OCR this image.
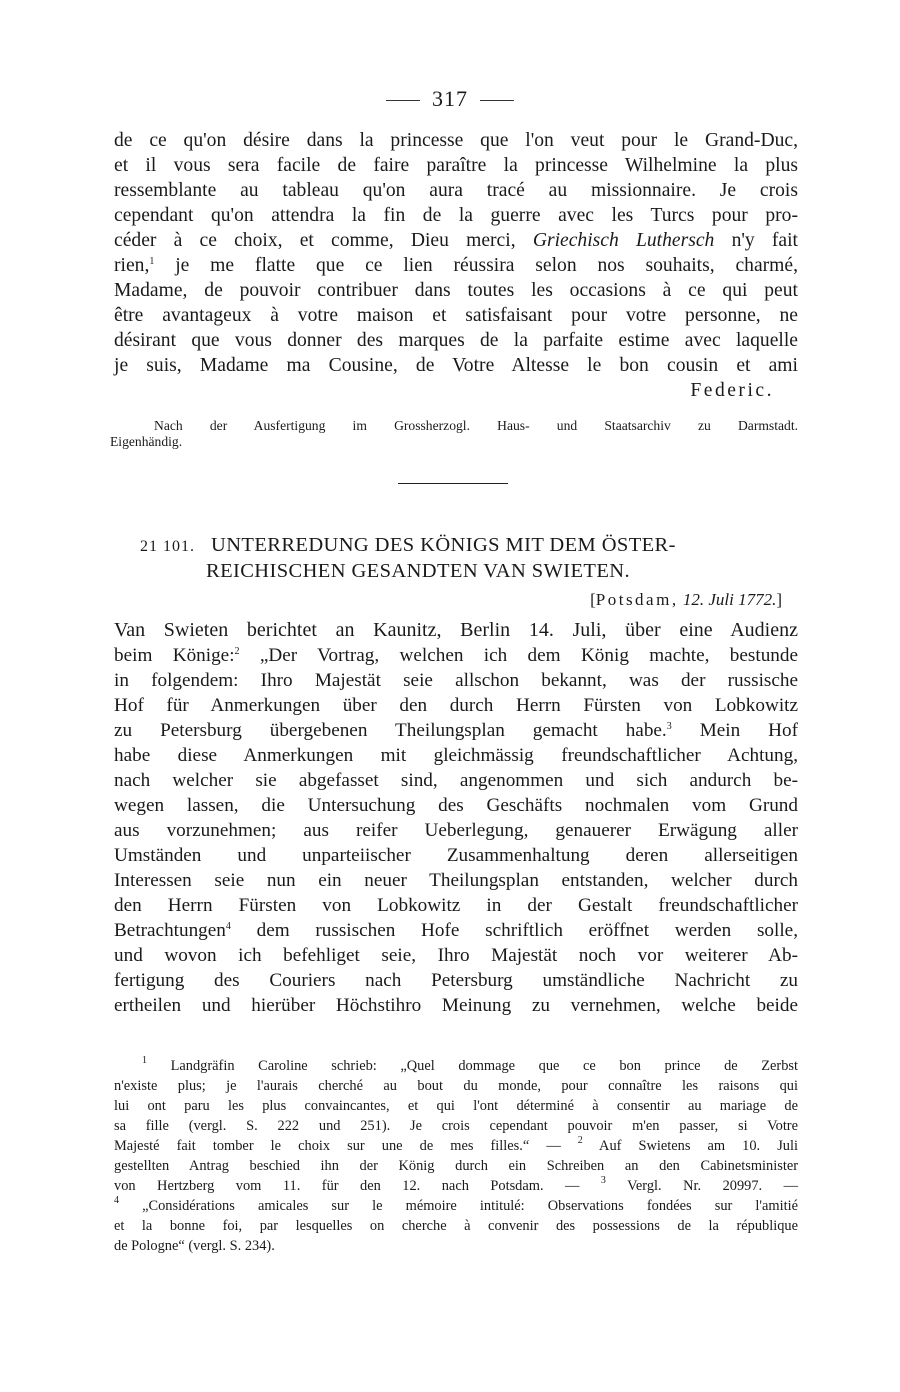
317
de ce qu'on désire dans la princesse que l'on veut pour le Grand-Duc,
et il vous sera facile de faire paraître la princesse Wilhelmine la plus
ressemblante au tableau qu'on aura tracé au missionnaire. Je crois
cependant qu'on attendra la fin de la guerre avec les Turcs pour pro-
céder à ce choix, et comme, Dieu merci, Griechisch Luthersch n'y fait
rien,$^1$ je me flatte que ce lien réussira selon nos souhaits, charmé,
Madame, de pouvoir contribuer dans toutes les occasions à ce qui peut
être avantageux à votre maison et satisfaisant pour votre personne, ne
désirant que vous donner des marques de la parfaite estime avec laquelle
je suis, Madame ma Cousine, de Votre Altesse le bon cousin et ami
Federic.
Nach der Ausfertigung im Grossherzogl. Haus- und Staatsarchiv zu Darmstadt.
Eigenhändig.
21 101. UNTERREDUNG DES KÖNIGS MIT DEM ÖSTER-
REICHISCHEN GESANDTEN VAN SWIETEN.
[Potsdam, 12. Juli 1772.]
Van Swieten berichtet an Kaunitz, Berlin 14. Juli, über eine Audienz
beim Könige:$^2$ „Der Vortrag, welchen ich dem König machte, bestunde
in folgendem: Ihro Majestät seie allschon bekannt, was der russische
Hof für Anmerkungen über den durch Herrn Fürsten von Lobkowitz
zu Petersburg übergebenen Theilungsplan gemacht habe.$^3$ Mein Hof
habe diese Anmerkungen mit gleichmässig freundschaftlicher Achtung,
nach welcher sie abgefasset sind, angenommen und sich andurch be-
wegen lassen, die Untersuchung des Geschäfts nochmalen vom Grund
aus vorzunehmen; aus reifer Ueberlegung, genauerer Erwägung aller
Umständen und unparteiischer Zusammenhaltung deren allerseitigen
Interessen seie nun ein neuer Theilungsplan entstanden, welcher durch
den Herrn Fürsten von Lobkowitz in der Gestalt freundschaftlicher
Betrachtungen$^4$ dem russischen Hofe schriftlich eröffnet werden solle,
und wovon ich befehliget seie, Ihro Majestät noch vor weiterer Ab-
fertigung des Couriers nach Petersburg umständliche Nachricht zu
ertheilen und hierüber Höchstihro Meinung zu vernehmen, welche beide
$^1$ Landgräfin Caroline schrieb: „Quel dommage que ce bon prince de Zerbst
n'existe plus; je l'aurais cherché au bout du monde, pour connaître les raisons qui
lui ont paru les plus convaincantes, et qui l'ont déterminé à consentir au mariage de
sa fille (vergl. S. 222 und 251). Je crois cependant pouvoir m'en passer, si Votre
Majesté fait tomber le choix sur une de mes filles.“ — $^2$ Auf Swietens am 10. Juli
gestellten Antrag beschied ihn der König durch ein Schreiben an den Cabinetsminister
von Hertzberg vom 11. für den 12. nach Potsdam. — $^3$ Vergl. Nr. 20997. —
$^4$ „Considérations amicales sur le mémoire intitulé: Observations fondées sur l'amitié
et la bonne foi, par lesquelles on cherche à convenir des possessions de la république
de Pologne“ (vergl. S. 234).
